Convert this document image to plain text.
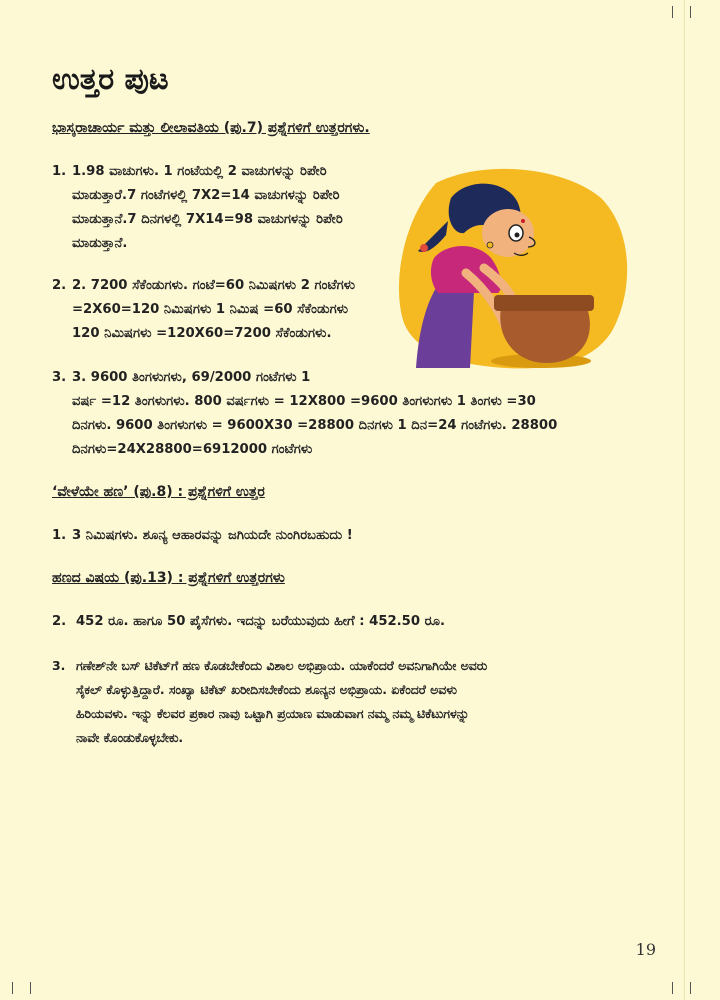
ಉತ್ತರ ಪುಟ

ಭಾಸ್ಕರಾಚಾರ್ಯ ಮತ್ತು ಲೀಲಾವತಿಯ (ಪು.7) ಪ್ರಶ್ನೆಗಳಿಗೆ ಉತ್ತರಗಳು.

1. 1.98 ವಾಚುಗಳು. 1 ಗಂಟೆಯಲ್ಲಿ 2 ವಾಚುಗಳನ್ನು ರಿಪೇರಿ
ಮಾಡುತ್ತಾರೆ.7 ಗಂಟೆಗಳಲ್ಲಿ 7X2=14 ವಾಚುಗಳನ್ನು ರಿಪೇರಿ
ಮಾಡುತ್ತಾನೆ.7 ದಿನಗಳಲ್ಲಿ 7X14=98 ವಾಚುಗಳನ್ನು ರಿಪೇರಿ
ಮಾಡುತ್ತಾನೆ.
2. 2. 7200 ಸೆಕೆಂಡುಗಳು. ಗಂಟೆ=60 ನಿಮಿಷಗಳು 2 ಗಂಟೆಗಳು
=2X60=120 ನಿಮಿಷಗಳು 1 ನಿಮಿಷ =60 ಸೆಕೆಂಡುಗಳು
120 ನಿಮಿಷಗಳು =120X60=7200 ಸೆಕೆಂಡುಗಳು.
3. 3. 9600 ತಿಂಗಳುಗಳು, 69/2000 ಗಂಟೆಗಳು 1
ವರ್ಷ =12 ತಿಂಗಳುಗಳು. 800 ವರ್ಷಗಳು = 12X800 =9600 ತಿಂಗಳುಗಳು 1 ತಿಂಗಳು =30
ದಿನಗಳು. 9600 ತಿಂಗಳುಗಳು = 9600X30 =28800 ದಿನಗಳು 1 ದಿನ=24 ಗಂಟೆಗಳು. 28800
ದಿನಗಳು=24X28800=6912000 ಗಂಟೆಗಳು

‘ವೇಳೆಯೇ ಹಣ’ (ಪು.8) : ಪ್ರಶ್ನೆಗಳಿಗೆ ಉತ್ತರ

1. 3 ನಿಮಿಷಗಳು. ಶೂನ್ಯ ಆಹಾರವನ್ನು ಜಗಿಯದೇ ನುಂಗಿರಬಹುದು !

ಹಣದ ವಿಷಯ (ಪು.13) : ಪ್ರಶ್ನೆಗಳಿಗೆ ಉತ್ತರಗಳು

2. 452 ರೂ. ಹಾಗೂ 50 ಪೈಸೆಗಳು. ಇದನ್ನು ಬರೆಯುವುದು ಹೀಗೆ : 452.50 ರೂ.
3. ಗಣೇಶ್‌ನೇ ಬಸ್ ಟಿಕೆಟ್‌ಗೆ ಹಣ ಕೊಡಬೇಕೆಂದು ವಿಶಾಲ ಅಭಿಪ್ರಾಯ. ಯಾಕೆಂದರೆ ಅವನಿಗಾಗಿಯೇ ಅವರು
ಸೈಕಲ್ ಕೊಳ್ಳುತ್ತಿದ್ದಾರೆ. ಸಂಖ್ಯಾ ಟಿಕೆಟ್ ಖರೀದಿಸಬೇಕೆಂದು ಶೂನ್ಯನ ಅಭಿಪ್ರಾಯ. ಏಕೆಂದರೆ ಅವಳು
ಹಿರಿಯವಳು. ಇನ್ನು ಕೆಲವರ ಪ್ರಕಾರ ನಾವು ಒಟ್ಟಾಗಿ ಪ್ರಯಾಣ ಮಾಡುವಾಗ ನಮ್ಮ ನಮ್ಮ ಟಿಕೆಟುಗಳನ್ನು
ನಾವೇ ಕೊಂಡುಕೊಳ್ಳಬೇಕು.
19
